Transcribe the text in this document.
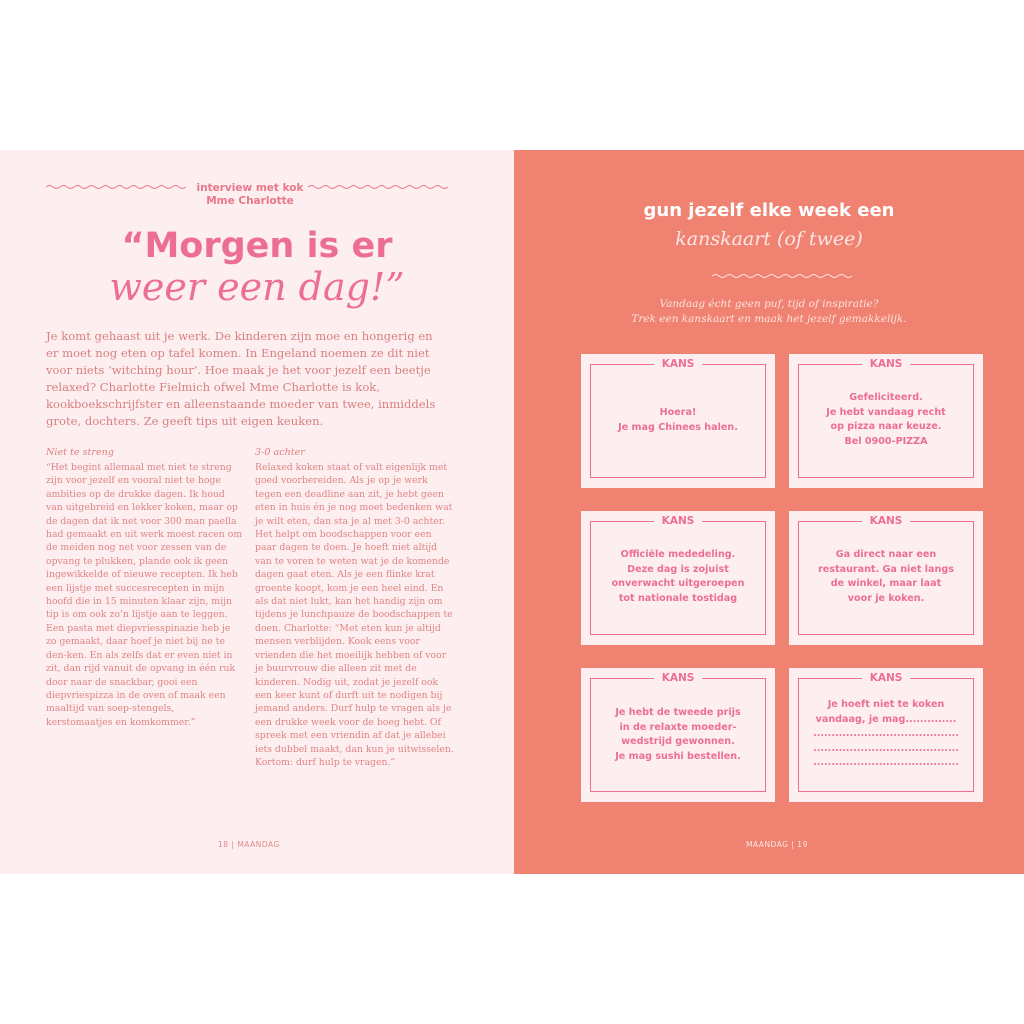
interview met kok
Mme Charlotte
“Morgen is er
weer een dag!”

Je komt gehaast uit je werk. De kinderen zijn moe en hongerig en er moet nog eten op tafel komen. In Engeland noemen ze dit niet voor niets ‘witching hour’. Hoe maak je het voor jezelf een beetje relaxed? Charlotte Fielmich ofwel Mme Charlotte is kok, kookboekschrijfster en alleenstaande moeder van twee, inmiddels grote, dochters. Ze geeft tips uit eigen keuken.

Niet te streng

“Het begint allemaal met niet te streng zijn voor jezelf en vooral niet te hoge ambities op de drukke dagen. Ik houd van uitgebreid en lekker koken, maar op de dagen dat ik net voor 300 man paella had gemaakt en uit werk moest racen om de meiden nog net voor zessen van de opvang te plukken, plande ook ik geen ingewikkelde of nieuwe recepten. Ik heb een lijstje met succesrecepten in mijn hoofd die in 15 minuten klaar zijn, mijn tip is om ook zo’n lijstje aan te leggen. Een pasta met diepvriesspinazie heb je zo gemaakt, daar hoef je niet bij ne te den-ken. En als zelfs dat er even niet in zit, dan rijd vanuit de opvang in één ruk door naar de snackbar, gooi een diepvriespizza in de oven of maak een maaltijd van soep-stengels, kerstomaatjes en komkommer.”

3-0 achter

Relaxed koken staat of valt eigenlijk met goed voorbereiden. Als je op je werk tegen een deadline aan zit, je hebt geen eten in huis én je nog moet bedenken wat je wilt eten, dan sta je al met 3-0 achter. Het helpt om boodschappen voor een paar dagen te doen. Je hoeft niet altijd van te voren te weten wat je de komende dagen gaat eten. Als je een flinke krat groente koopt, kom je een heel eind. En als dat niet lukt, kan het handig zijn om tijdens je lunchpauze de boodschappen te doen. Charlotte: “Met eten kun je altijd mensen verblijden. Kook eens voor vrienden die het moeilijk hebben of voor je buurvrouw die alleen zit met de kinderen. Nodig uit, zodat je jezelf ook een keer kunt of durft uit te nodigen bij jemand anders. Durf hulp te vragen als je een drukke week voor de boeg hebt. Of spreek met een vriendin af dat je allebei iets dubbel maakt, dan kun je uitwisselen. Kortom: durf hulp te vragen.”

18 | MAANDAG
gun jezelf elke week een
kanskaart (of twee)
Vandaag écht geen puf, tijd of inspiratie?
Trek een kanskaart en maak het jezelf gemakkelijk.
KANS
Hoera!
Je mag Chinees halen.
KANS
Gefeliciteerd.
Je hebt vandaag recht
op pizza naar keuze.
Bel 0900-PIZZA
KANS
Officiële mededeling.
Deze dag is zojuist
onverwacht uitgeroepen
tot nationale tostidag
KANS
Ga direct naar een
restaurant. Ga niet langs
de winkel, maar laat
voor je koken.
KANS
Je hebt de tweede prijs
in de relaxte moeder-
wedstrijd gewonnen.
Je mag sushi bestellen.
KANS
Je hoeft niet te koken
vandaag, je mag..............
........................................
........................................
........................................
MAANDAG | 19
